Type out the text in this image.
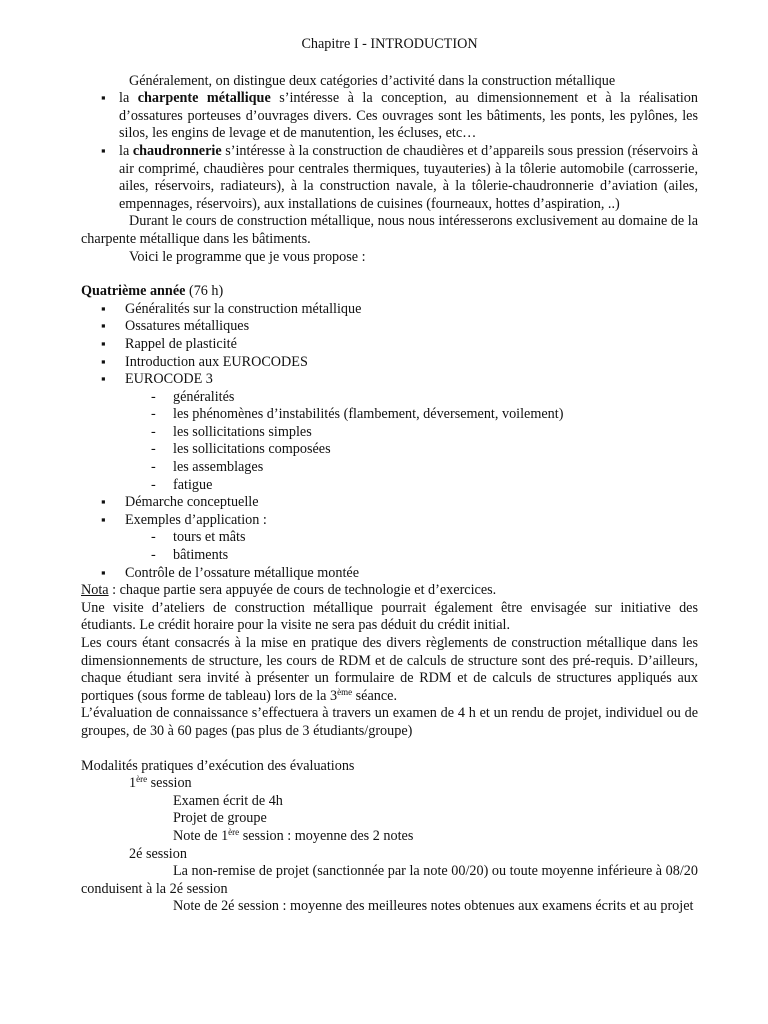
Chapitre I - INTRODUCTION

Généralement, on distingue deux catégories d’activité dans la construction métallique

▪ la charpente métallique s’intéresse à la conception, au dimensionnement et à la réalisation d’ossatures porteuses d’ouvrages divers. Ces ouvrages sont les bâtiments, les ponts, les pylônes, les silos, les engins de levage et de manutention, les écluses, etc…

▪ la chaudronnerie s’intéresse à la construction de chaudières et d’appareils sous pression (réservoirs à air comprimé, chaudières pour centrales thermiques, tuyauteries) à la tôlerie automobile (carrosserie, ailes, réservoirs, radiateurs), à la construction navale, à la tôlerie-chaudronnerie d’aviation (ailes, empennages, réservoirs), aux installations de cuisines (fourneaux, hottes d’aspiration, ..)

Durant le cours de construction métallique, nous nous intéresserons exclusivement au domaine de la charpente métallique dans les bâtiments.

Voici le programme que je vous propose :

Quatrième année (76 h)

▪ Généralités sur la construction métallique

▪ Ossatures métalliques

▪ Rappel de plasticité

▪ Introduction aux EUROCODES

▪ EUROCODE 3

- généralités

- les phénomènes d’instabilités (flambement, déversement, voilement)

- les sollicitations simples

- les sollicitations composées

- les assemblages

- fatigue

▪ Démarche conceptuelle

▪ Exemples d’application :

- tours et mâts

- bâtiments

▪ Contrôle de l’ossature métallique montée

Nota : chaque partie sera appuyée de cours de technologie et d’exercices.

Une visite d’ateliers de construction métallique pourrait également être envisagée sur initiative des étudiants. Le crédit horaire pour la visite ne sera pas déduit du crédit initial.

Les cours étant consacrés à la mise en pratique des divers règlements de construction métallique dans les dimensionnements de structure, les cours de RDM et de calculs de structure sont des pré-requis. D’ailleurs, chaque étudiant sera invité à présenter un formulaire de RDM et de calculs de structures appliqués aux portiques (sous forme de tableau) lors de la 3ème séance.

L’évaluation de connaissance s’effectuera à travers un examen de 4 h et un rendu de projet, individuel ou de groupes, de 30 à 60 pages (pas plus de 3 étudiants/groupe)

Modalités pratiques d’exécution des évaluations

1ère session

Examen écrit de 4h

Projet de groupe

Note de 1ère session : moyenne des 2 notes

2é session

La non-remise de projet (sanctionnée par la note 00/20) ou toute moyenne inférieure à 08/20 conduisent à la 2é session

Note de 2é session : moyenne des meilleures notes obtenues aux examens écrits et au projet
